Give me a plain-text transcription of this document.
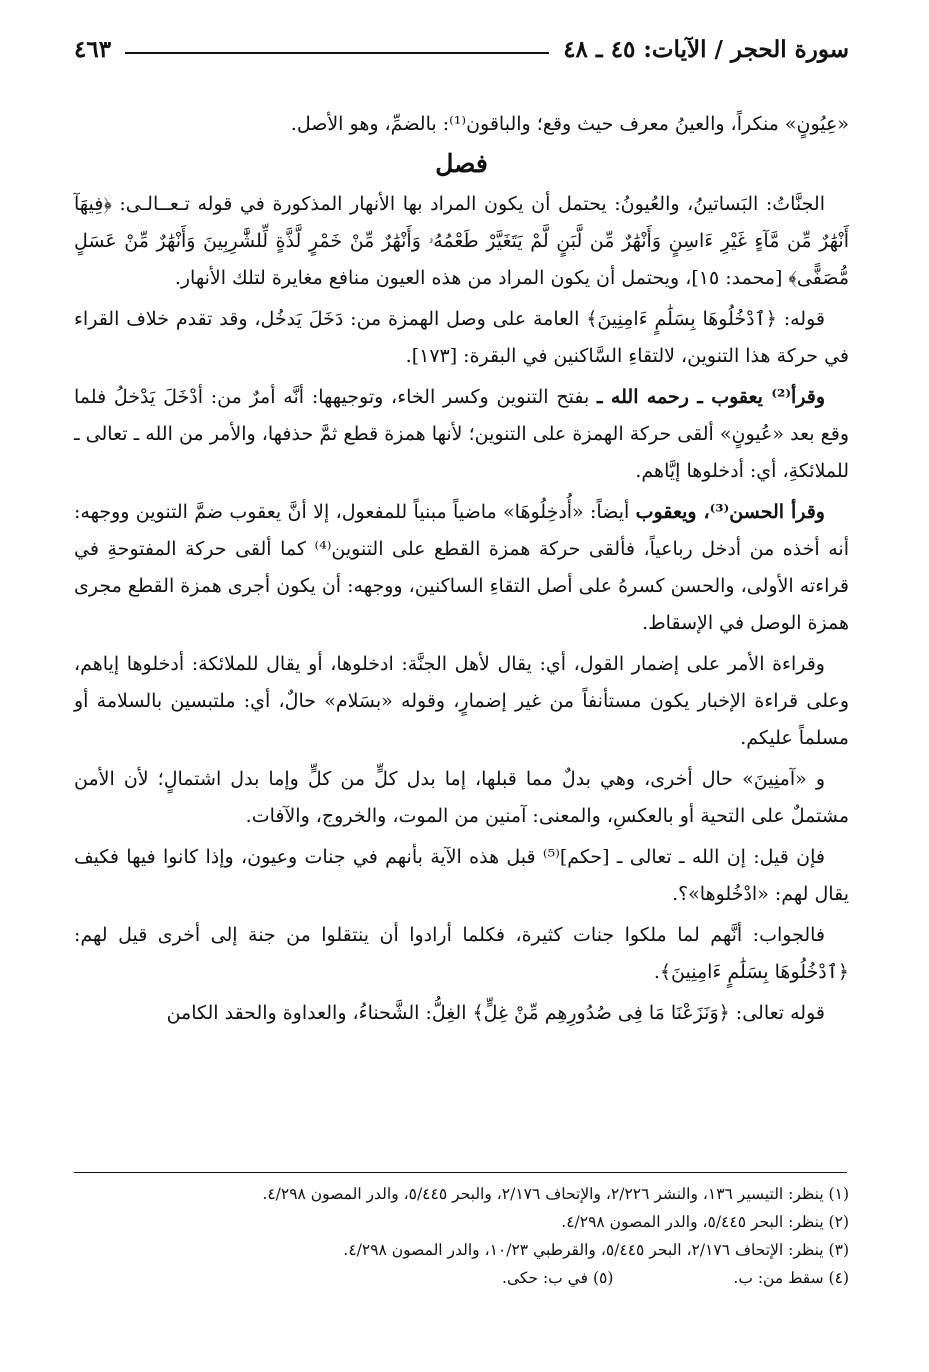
سورة الحجر / الآيات: ٤٥ ـ ٤٨
٤٦٣

«عِيُونٍ» منكراً، والعينُ معرف حيث وقع؛ والباقون⁽¹⁾: بالضمِّ، وهو الأصل.

فصل

الجنَّاتُ: البَساتينُ، والعُيونُ: يحتمل أن يكون المراد بها الأنهار المذكورة في قوله تـعــالـى: ﴿فِيهَآ أَنْهَٰرٌ مِّن مَّآءٍ غَيْرِ ءَاسِنٍ وَأَنْهَٰرٌ مِّن لَّبَنٍ لَّمْ يَتَغَيَّرْ طَعْمُهُۥ وَأَنْهَٰرٌ مِّنْ خَمْرٍ لَّذَّةٍ لِّلشَّٰرِبِينَ وَأَنْهَٰرٌ مِّنْ عَسَلٍ مُّصَفًّى﴾ [محمد: ١٥]، ويحتمل أن يكون المراد من هذه العيون منافع مغايرة لتلك الأنهار.

قوله: ﴿ٱدْخُلُوهَا بِسَلَٰمٍ ءَامِنِينَ﴾ العامة على وصل الهمزة من: دَخَلَ يَدخُل، وقد تقدم خلاف القراء في حركة هذا التنوين، لالتقاءِ السَّاكنين في البقرة: [١٧٣].

وقرأ⁽²⁾ يعقوب ـ رحمه الله ـ بفتح التنوين وكسر الخاء، وتوجيهها: أنَّه أمرٌ من: أدْخَلَ يَدْخلُ فلما وقع بعد «عُيونٍ» ألقى حركة الهمزة على التنوين؛ لأنها همزة قطع ثمَّ حذفها، والأمر من الله ـ تعالى ـ للملائكةِ، أي: أدخلوها إيَّاهم.

وقرأ الحسن⁽³⁾، ويعقوب أيضاً: «أُدخِلُوهَا» ماضياً مبنياً للمفعول، إلا أنَّ يعقوب ضمَّ التنوين ووجهه: أنه أخذه من أدخل رباعياً، فألقى حركة همزة القطع على التنوين⁽⁴⁾ كما ألقى حركة المفتوحةِ في قراءته الأولى، والحسن كسرهُ على أصل التقاءِ الساكنين، ووجهه: أن يكون أجرى همزة القطع مجرى همزة الوصل في الإسقاط.

وقراءة الأمر على إضمار القول، أي: يقال لأهل الجنَّة: ادخلوها، أو يقال للملائكة: أدخلوها إياهم، وعلى قراءة الإخبار يكون مستأنفاً من غير إضمارٍ، وقوله «بسَلام» حالٌ، أي: ملتبسين بالسلامة أو مسلماً عليكم.

و «آمنِينَ» حال أخرى، وهي بدلٌ مما قبلها، إما بدل كلٍّ من كلٍّ وإما بدل اشتمالٍ؛ لأن الأمن مشتملٌ على التحية أو بالعكسِ، والمعنى: آمنين من الموت، والخروج، والآفات.

فإن قيل: إن الله ـ تعالى ـ [حكم]⁽⁵⁾ قبل هذه الآية بأنهم في جنات وعيون، وإذا كانوا فيها فكيف يقال لهم: «ادْخُلوها»؟.

فالجواب: أنَّهم لما ملكوا جنات كثيرة، فكلما أرادوا أن ينتقلوا من جنة إلى أخرى قيل لهم: ﴿ٱدْخُلُوهَا بِسَلَٰمٍ ءَامِنِينَ﴾.

قوله تعالى: ﴿وَنَزَعْنَا مَا فِى صُدُورِهِم مِّنْ غِلٍّ﴾ الغِلُّ: الشَّحناءُ، والعداوة والحقد الكامن

(١) ينظر: التيسير ١٣٦، والنشر ٢/٢٢٦، والإتحاف ٢/١٧٦، والبحر ٥/٤٤٥، والدر المصون ٤/٢٩٨.

(٢) ينظر: البحر ٥/٤٤٥، والدر المصون ٤/٢٩٨.

(٣) ينظر: الإتحاف ٢/١٧٦، البحر ٥/٤٤٥، والقرطبي ١٠/٢٣، والدر المصون ٤/٢٩٨.

(٤) سقط من: ب.

(٥) في ب: حكى.
